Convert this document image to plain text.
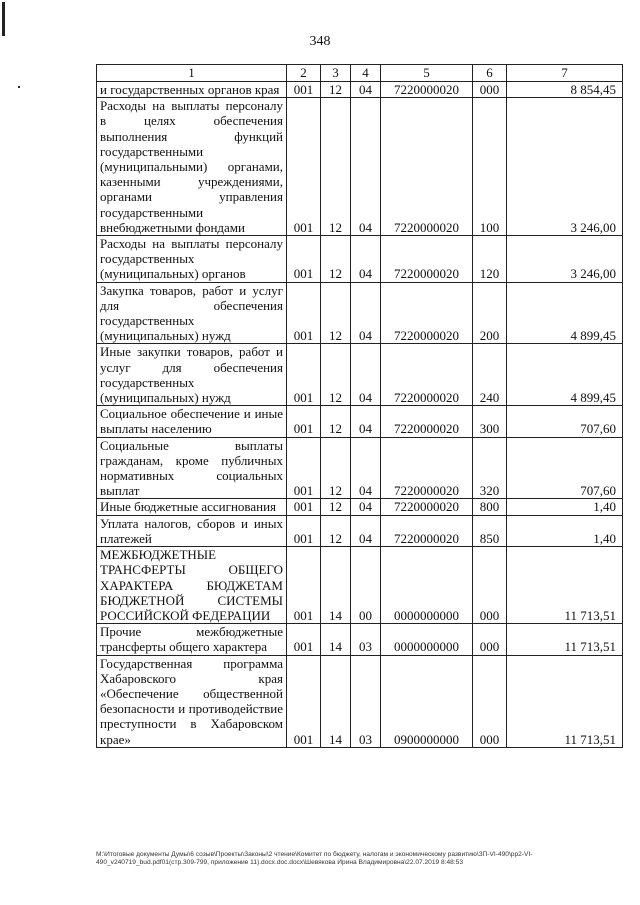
348
1	2	3	4	5	6	7
и государственных органов края	001	12	04	7220000020	000	8 854,45
Расходы на выплаты персоналу в целях обеспечения выполнения функций государственными (муниципальными) органами, казенными учреждениями, органами управления государственными внебюджетными фондами	001	12	04	7220000020	100	3 246,00
Расходы на выплаты персоналу государственных (муниципальных) органов	001	12	04	7220000020	120	3 246,00
Закупка товаров, работ и услуг для обеспечения государственных (муниципальных) нужд	001	12	04	7220000020	200	4 899,45
Иные закупки товаров, работ и услуг для обеспечения государственных (муниципальных) нужд	001	12	04	7220000020	240	4 899,45
Социальное обеспечение и иные выплаты населению	001	12	04	7220000020	300	707,60
Социальные выплаты гражданам, кроме публичных нормативных социальных выплат	001	12	04	7220000020	320	707,60
Иные бюджетные ассигнования	001	12	04	7220000020	800	1,40
Уплата налогов, сборов и иных платежей	001	12	04	7220000020	850	1,40
МЕЖБЮДЖЕТНЫЕ ТРАНСФЕРТЫ ОБЩЕГО ХАРАКТЕРА БЮДЖЕТАМ БЮДЖЕТНОЙ СИСТЕМЫ РОССИЙСКОЙ ФЕДЕРАЦИИ	001	14	00	0000000000	000	11 713,51
Прочие межбюджетные трансферты общего характера	001	14	03	0000000000	000	11 713,51
Государственная программа Хабаровского края «Обеспечение общественной безопасности и противодействие преступности в Хабаровском крае»	001	14	03	0900000000	000	11 713,51
М:\Итоговые документы Думы\6 созыв\Проекты\Законы\2 чтение\Комитет по бюджету, налогам и экономическому развитию\ЗП-VI-490\рр2-VI-490_v240719_bud.pdf01(стр.309-799, приложение 11).docx.doc.docx\Шевякова Ирина Владимировна\22.07.2019 8:48:53
